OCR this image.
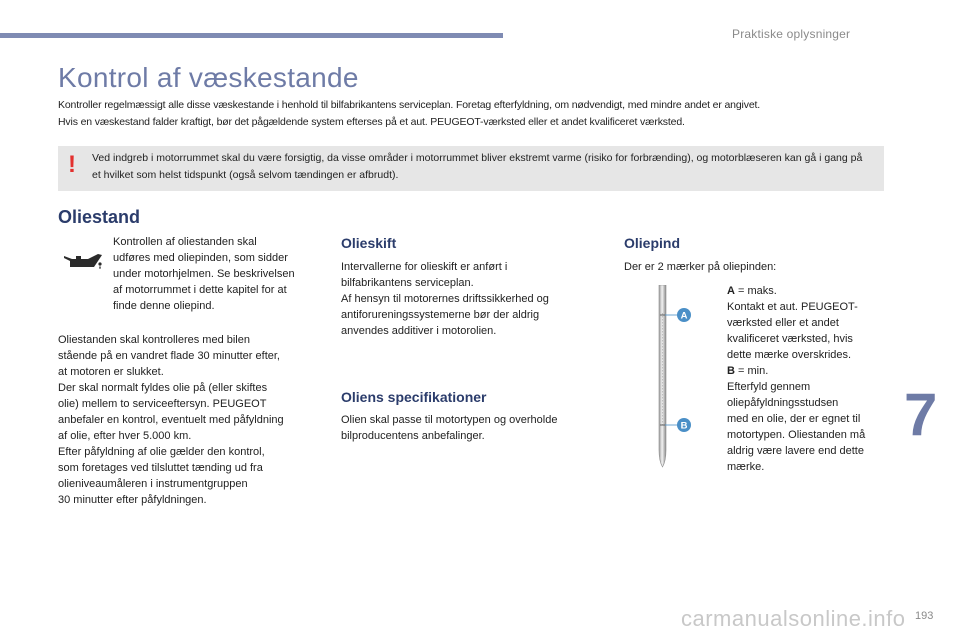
Praktiske oplysninger
Kontrol af væskestande

Kontroller regelmæssigt alle disse væskestande i henhold til bilfabrikantens serviceplan. Foretag efterfyldning, om nødvendigt, med mindre andet er angivet.

Hvis en væskestand falder kraftigt, bør det pågældende system efterses på et aut. PEUGEOT-værksted eller et andet kvalificeret værksted.

! Ved indgreb i motorrummet skal du være forsigtig, da visse områder i motorrummet bliver ekstremt varme (risiko for forbrænding), og motorblæseren kan gå i gang på et hvilket som helst tidspunkt (også selvom tændingen er afbrudt).
Oliestand
Kontrollen af oliestanden skal
udføres med oliepinden, som sidder
under motorhjelmen. Se beskrivelsen
af motorrummet i dette kapitel for at
finde denne oliepind.
Oliestanden skal kontrolleres med bilen
stående på en vandret flade 30 minutter efter,
at motoren er slukket.
Der skal normalt fyldes olie på (eller skiftes
olie) mellem to serviceeftersyn. PEUGEOT
anbefaler en kontrol, eventuelt med påfyldning
af olie, efter hver 5.000 km.
Efter påfyldning af olie gælder den kontrol,
som foretages ved tilsluttet tænding ud fra
olieniveaumåleren i instrumentgruppen
30 minutter efter påfyldningen.
Olieskift
Intervallerne for olieskift er anført i
bilfabrikantens serviceplan.
Af hensyn til motorernes driftssikkerhed og
antiforureningssystemerne bør der aldrig
anvendes additiver i motorolien.
Oliens specifikationer
Olien skal passe til motortypen og overholde
bilproducentens anbefalinger.
Oliepind
Der er 2 mærker på oliepinden:
A
B
A = maks.
Kontakt et aut. PEUGEOT-
værksted eller et andet
kvalificeret værksted, hvis
dette mærke overskrides.
B = min.
Efterfyld gennem
oliepåfyldningsstudsen
med en olie, der er egnet til
motortypen. Oliestanden må
aldrig være lavere end dette
mærke.
7
carmanualsonline.info 193
